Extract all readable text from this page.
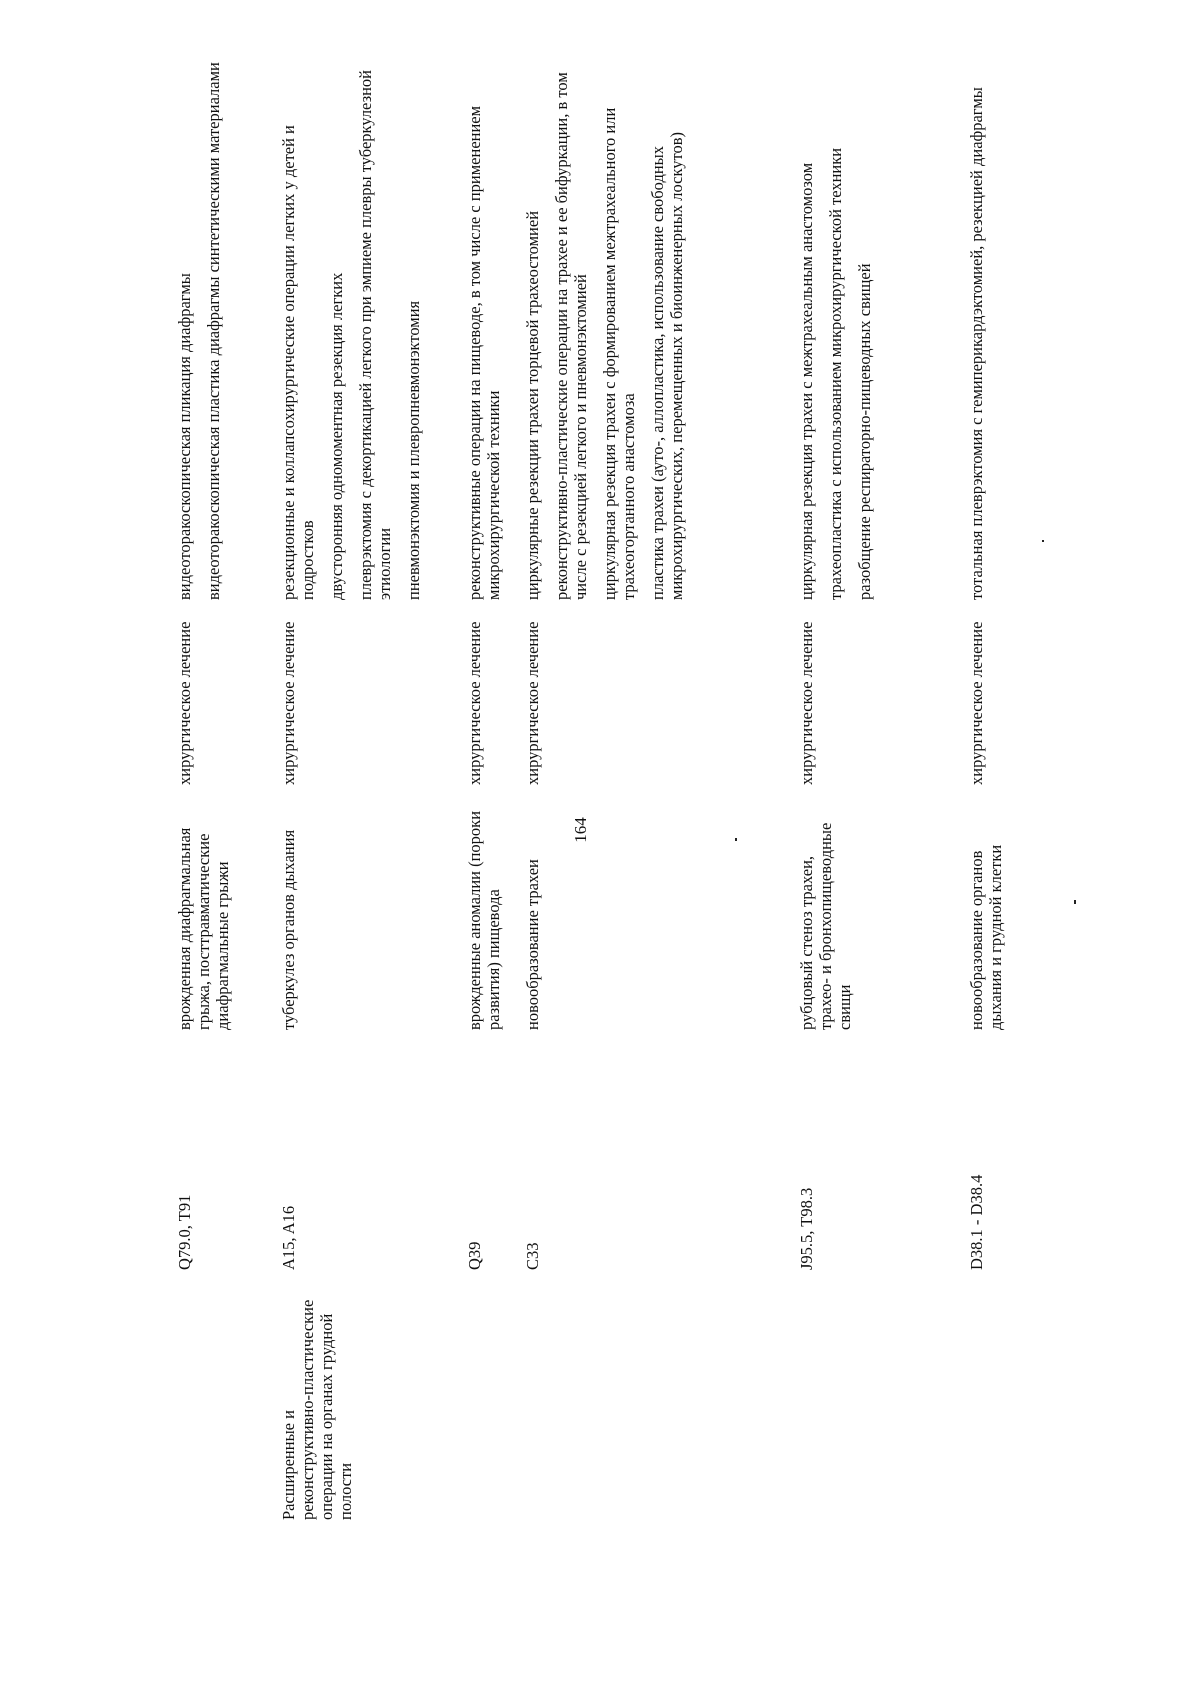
164
Q79.0, T91
врожденная диафрагмальная грыжа, посттравматические диафрагмальные грыжи
хирургическое лечение
видеоторакоскопическая пликация диафрагмы видеоторакоскопическая пластика диафрагмы синтетическими материалами
Расширенные и реконструктивно-пластические операции на органах грудной полости
A15, A16
туберкулез органов дыхания
хирургическое лечение
резекционные и коллапсохирургические операции легких у детей и подростков двусторонняя одномоментная резекция легких плеврэктомия с декортикацией легкого при эмпиеме плевры туберкулезной этиологии пневмонэктомия и плевропневмонэктомия
Q39
врожденные аномалии (пороки развития) пищевода
хирургическое лечение
реконструктивные операции на пищеводе, в том числе с применением микрохирургической техники
C33
новообразование трахеи
хирургическое лечение
циркулярные резекции трахеи торцевой трахеостомией реконструктивно-пластические операции на трахее и ее бифуркации, в том числе с резекцией легкого и пневмонэктомией циркулярная резекция трахеи с формированием межтрахеального или трахеогортанного анастомоза пластика трахеи (ауто-, аллопластика, использование свободных микрохирургических, перемещенных и биоинженерных лоскутов)
J95.5, T98.3
рубцовый стеноз трахеи, трахео- и бронхопищеводные свищи
хирургическое лечение
циркулярная резекция трахеи с межтрахеальным анастомозом трахеопластика с использованием микрохирургической техники разобщение респираторно-пищеводных свищей
D38.1 - D38.4
новообразование органов дыхания и грудной клетки
хирургическое лечение
тотальная плеврэктомия с гемиперикардэктомией, резекцией диафрагмы
